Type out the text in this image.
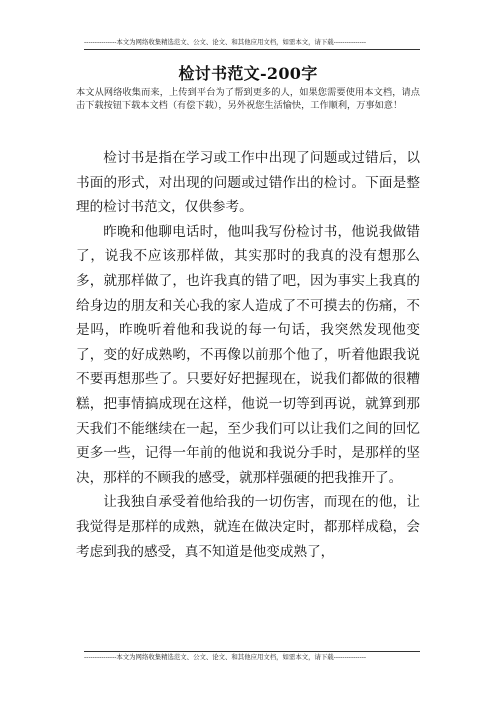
---------------本文为网络收集精选范文、公文、论文、和其他应用文档，如需本文，请下载---------------
检讨书范文-200字
本文从网络收集而来，上传到平台为了帮到更多的人，如果您需要使用本文档，请点击下载按钮下载本文档（有偿下载），另外祝您生活愉快，工作顺利，万事如意！

检讨书是指在学习或工作中出现了问题或过错后，以书面的形式，对出现的问题或过错作出的检讨。下面是整理的检讨书范文，仅供参考。

昨晚和他聊电话时，他叫我写份检讨书，他说我做错了，说我不应该那样做，其实那时的我真的没有想那么多，就那样做了，也许我真的错了吧，因为事实上我真的给身边的朋友和关心我的家人造成了不可摸去的伤痛，不是吗，昨晚听着他和我说的每一句话，我突然发现他变了，变的好成熟哟，不再像以前那个他了，听着他跟我说不要再想那些了。只要好好把握现在，说我们都做的很糟糕，把事情搞成现在这样，他说一切等到再说，就算到那天我们不能继续在一起，至少我们可以让我们之间的回忆更多一些，记得一年前的他说和我说分手时，是那样的坚决，那样的不顾我的感受，就那样强硬的把我推开了。

让我独自承受着他给我的一切伤害，而现在的他，让我觉得是那样的成熟，就连在做决定时，都那样成稳，会考虑到我的感受，真不知道是他变成熟了，

---------------本文为网络收集精选范文、公文、论文、和其他应用文档，如需本文，请下载---------------
